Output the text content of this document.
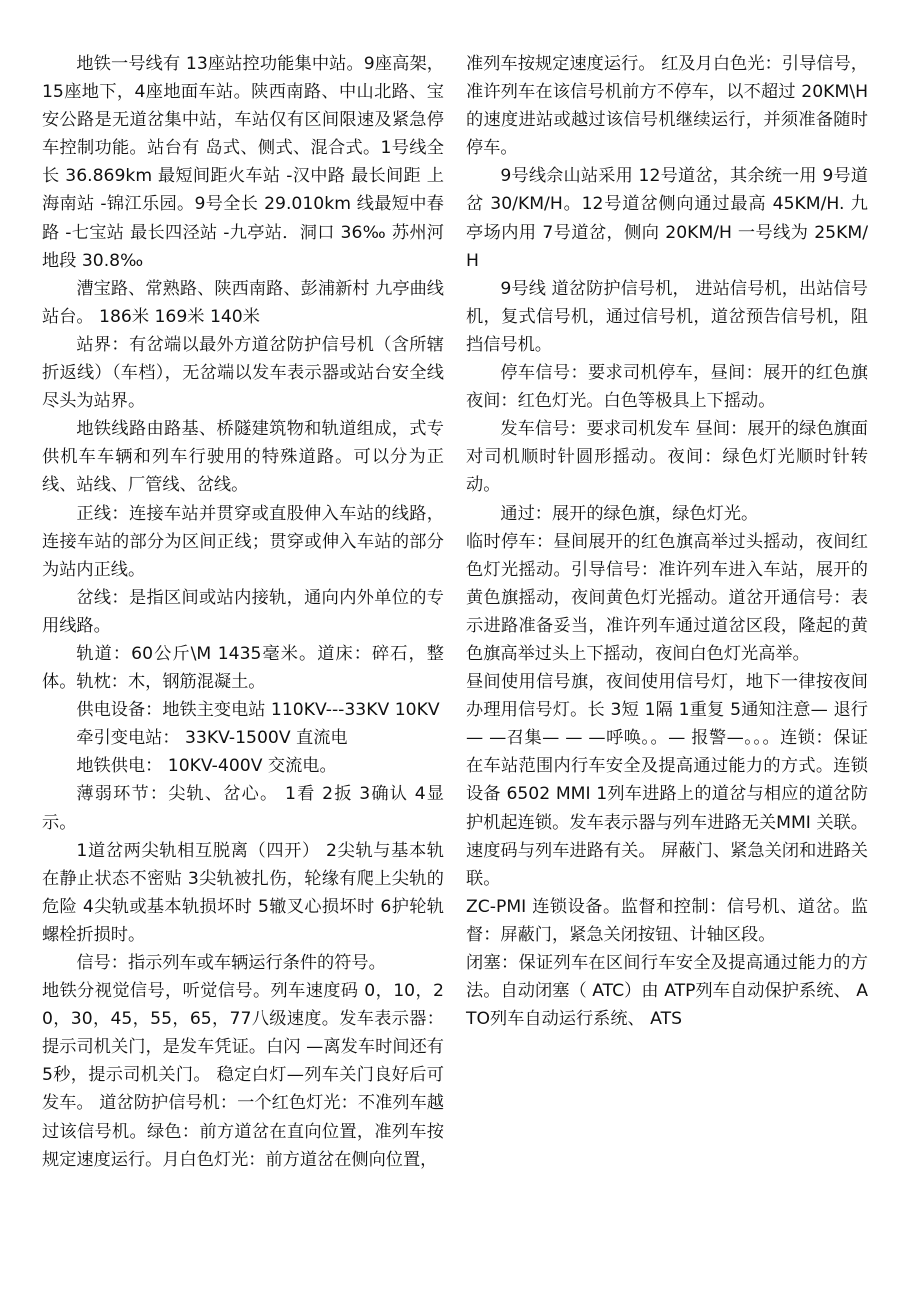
地铁一号线有 13座站控功能集中站。9座高架，15座地下，4座地面车站。陕西南路、中山北路、宝安公路是无道岔集中站，车站仅有区间限速及紧急停车控制功能。站台有 岛式、侧式、混合式。1号线全长 36.869km 最短间距火车站 -汉中路 最长间距 上海南站 -锦江乐园。9号全长 29.010km 线最短中春路 -七宝站 最长四泾站 -九亭站．洞口 36‰ 苏州河地段 30.8‰

漕宝路、常熟路、陕西南路、彭浦新村 九亭曲线站台。 186米 169米 140米

站界：有岔端以最外方道岔防护信号机（含所辖折返线）（车档），无岔端以发车表示器或站台安全线尽头为站界。

地铁线路由路基、桥隧建筑物和轨道组成，式专供机车车辆和列车行驶用的特殊道路。可以分为正线、站线、厂管线、岔线。

正线：连接车站并贯穿或直股伸入车站的线路，连接车站的部分为区间正线；贯穿或伸入车站的部分为站内正线。

岔线：是指区间或站内接轨，通向内外单位的专用线路。

轨道：60公斤\M 1435毫米。道床：碎石，整体。轨枕：木，钢筋混凝土。

供电设备：地铁主变电站 110KV---33KV 10KV

牵引变电站： 33KV-1500V 直流电

地铁供电： 10KV-400V 交流电。

薄弱环节：尖轨、岔心。 1看 2扳 3确认 4显示。

1道岔两尖轨相互脱离（四开） 2尖轨与基本轨在静止状态不密贴 3尖轨被扎伤，轮缘有爬上尖轨的危险 4尖轨或基本轨损坏时 5辙叉心损坏时 6护轮轨螺栓折损时。

信号：指示列车或车辆运行条件的符号。

地铁分视觉信号，听觉信号。列车速度码 0，10，20，30，45，55，65，77八级速度。发车表示器：提示司机关门，是发车凭证。白闪 —离发车时间还有 5秒，提示司机关门。 稳定白灯—列车关门良好后可发车。 道岔防护信号机：一个红色灯光：不准列车越过该信号机。绿色：前方道岔在直向位置，准列车按规定速度运行。月白色灯光：前方道岔在侧向位置，

准列车按规定速度运行。 红及月白色光：引导信号，准许列车在该信号机前方不停车，以不超过 20KM\H 的速度进站或越过该信号机继续运行，并须准备随时停车。

9号线佘山站采用 12号道岔，其余统一用 9号道岔 30/KM/H。12号道岔侧向通过最高 45KM/H. 九亭场内用 7号道岔，侧向 20KM/H 一号线为 25KM/H

9号线 道岔防护信号机， 进站信号机，出站信号机，复式信号机，通过信号机，道岔预告信号机，阻挡信号机。

停车信号：要求司机停车，昼间：展开的红色旗 夜间：红色灯光。白色等极具上下摇动。

发车信号：要求司机发车 昼间：展开的绿色旗面对司机顺时针圆形摇动。夜间：绿色灯光顺时针转动。

通过：展开的绿色旗，绿色灯光。

临时停车：昼间展开的红色旗高举过头摇动，夜间红色灯光摇动。引导信号：准许列车进入车站，展开的黄色旗摇动，夜间黄色灯光摇动。道岔开通信号：表示进路准备妥当，准许列车通过道岔区段，隆起的黄色旗高举过头上下摇动，夜间白色灯光高举。

昼间使用信号旗，夜间使用信号灯，地下一律按夜间办理用信号灯。长 3短 1隔 1重复 5通知注意— 退行— —召集— — —呼唤。。— 报警—。。。连锁：保证在车站范围内行车安全及提高通过能力的方式。连锁设备 6502 MMI 1列车进路上的道岔与相应的道岔防护机起连锁。发车表示器与列车进路无关MMI 关联。速度码与列车进路有关。 屏蔽门、紧急关闭和进路关联。

ZC-PMI 连锁设备。监督和控制：信号机、道岔。监督：屏蔽门，紧急关闭按钮、计轴区段。

闭塞：保证列车在区间行车安全及提高通过能力的方法。自动闭塞（ ATC）由 ATP列车自动保护系统、 ATO列车自动运行系统、 ATS
